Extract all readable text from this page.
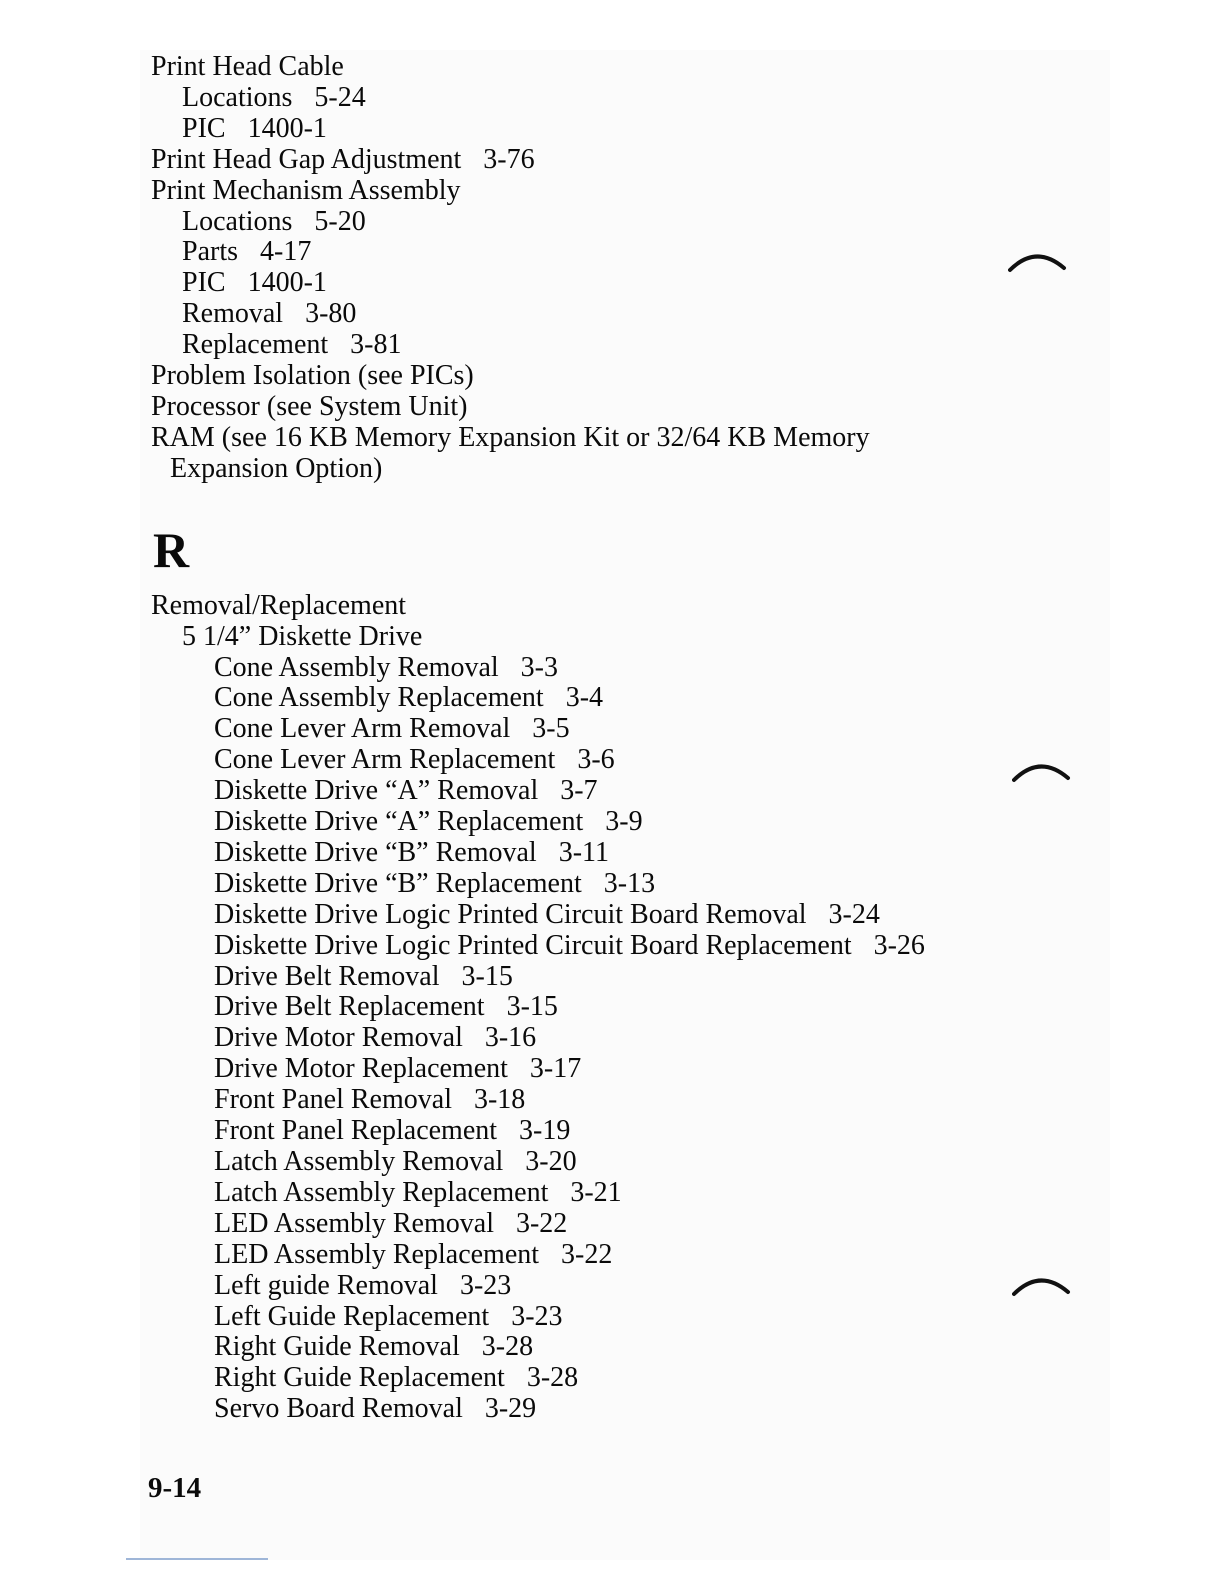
Print Head Cable
Locations 5-24
PIC 1400-1
Print Head Gap Adjustment 3-76
Print Mechanism Assembly
Locations 5-20
Parts 4-17
PIC 1400-1
Removal 3-80
Replacement 3-81
Problem Isolation (see PICs)
Processor (see System Unit)
RAM (see 16 KB Memory Expansion Kit or 32/64 KB Memory
Expansion Option)
R
Removal/Replacement
5 1/4” Diskette Drive
Cone Assembly Removal 3-3
Cone Assembly Replacement 3-4
Cone Lever Arm Removal 3-5
Cone Lever Arm Replacement 3-6
Diskette Drive “A” Removal 3-7
Diskette Drive “A” Replacement 3-9
Diskette Drive “B” Removal 3-11
Diskette Drive “B” Replacement 3-13
Diskette Drive Logic Printed Circuit Board Removal 3-24
Diskette Drive Logic Printed Circuit Board Replacement 3-26
Drive Belt Removal 3-15
Drive Belt Replacement 3-15
Drive Motor Removal 3-16
Drive Motor Replacement 3-17
Front Panel Removal 3-18
Front Panel Replacement 3-19
Latch Assembly Removal 3-20
Latch Assembly Replacement 3-21
LED Assembly Removal 3-22
LED Assembly Replacement 3-22
Left guide Removal 3-23
Left Guide Replacement 3-23
Right Guide Removal 3-28
Right Guide Replacement 3-28
Servo Board Removal 3-29
9-14
